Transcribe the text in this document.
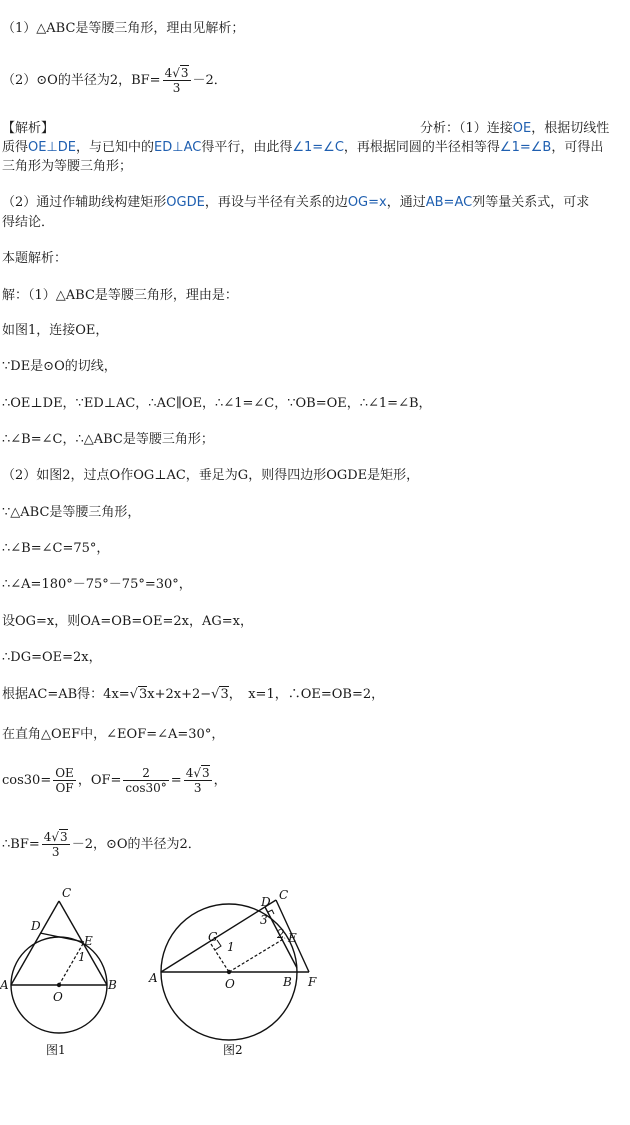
（1）△ABC是等腰三角形，理由见解析；
（2）⊙O的半径为2，$BF= \frac{4√3}{3} -2$．
【解析】	分析：（1）连接OE，根据切线性
质得OE⊥DE，与已知中的ED⊥AC得平行，由此得∠1=∠C，再根据同圆的半径相等得∠1=∠B，可得出
三角形为等腰三角形；
（2）通过作辅助线构建矩形OGDE，再设与半径有关系的边OG=x，通过AB=AC列等量关系式，可求
得结论．
本题解析：
解：（1）△ABC是等腰三角形，理由是：
如图1，连接OE，
∵DE是⊙O的切线，
∴OE⊥DE，∵ED⊥AC，∴AC∥OE，∴∠1=∠C，∵OB=OE，∴∠1=∠B，
∴∠B=∠C，∴△ABC是等腰三角形；
（2）如图2，过点O作OG⊥AC，垂足为G，则得四边形OGDE是矩形，
∵△ABC是等腰三角形，
∴∠B=∠C=75°，
∴∠A=180°－75°－75°=30°，
设OG=x，则OA=OB=OE=2x，AG=x，
∴DG=OE=2x，
根据AC=AB得：4x=√3x+2x+2−√3，　x=1，∴OE=OB=2，
在直角△OEF中，∠EOF=∠A=30°，
$\cos 30= \frac{OE}{OF}$ ，$OF= \frac{2}{\cos 30^\circ} = \frac{4√3}{3}$ ，
∴BF= $\frac{4√3}{3} -2$，⊙O的半径为2．
C
D
E
A	B
O
1
图1
C
D
E
A	B F
O
G
1
2
3
图2
